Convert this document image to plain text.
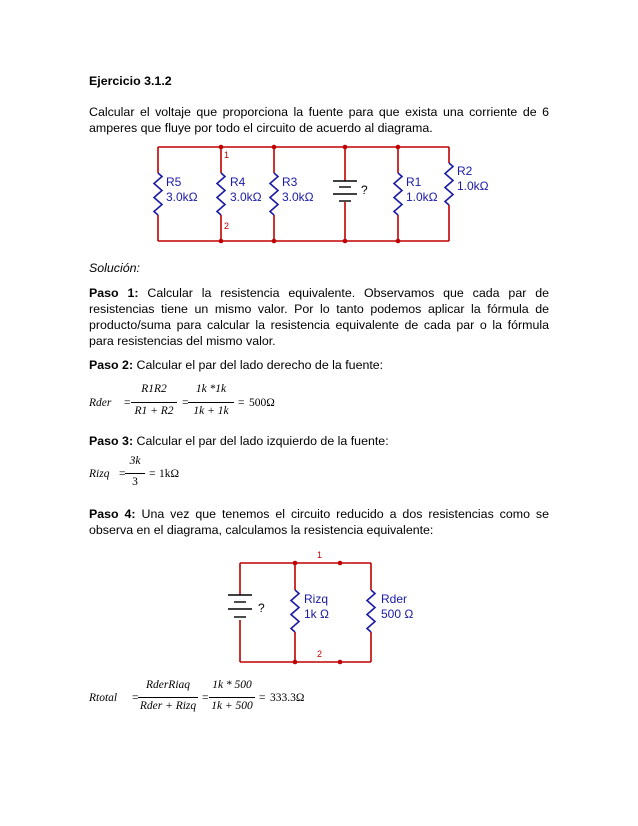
Ejercicio 3.1.2
Calcular el voltaje que proporciona la fuente para que exista una corriente de 6
amperes que fluye por todo el circuito de acuerdo al diagrama.
1
2
?
R5
3.0kΩ
R4
3.0kΩ
R3
3.0kΩ
R1
1.0kΩ
R2
1.0kΩ
Solución:
Paso 1: Calcular la resistencia equivalente. Observamos que cada par de
resistencias tiene un mismo valor. Por lo tanto podemos aplicar la fórmula de
producto/suma para calcular la resistencia equivalente de cada par o la fórmula
para resistencias del mismo valor.
Paso 2: Calcular el par del lado derecho de la fuente:
Rder =
R1R2
R1 + R2
=
1k *1k
1k + 1k
= 500Ω
Paso 3: Calcular el par del lado izquierdo de la fuente:
Rizq =
3k
3
= 1kΩ
Paso 4: Una vez que tenemos el circuito reducido a dos resistencias como se
observa en el diagrama, calculamos la resistencia equivalente:
1
2
?
Rizq
1k Ω
Rder
500 Ω
Rtotal =
RderRiaq
Rder + Rizq
=
1k * 500
1k + 500
= 333.3Ω
